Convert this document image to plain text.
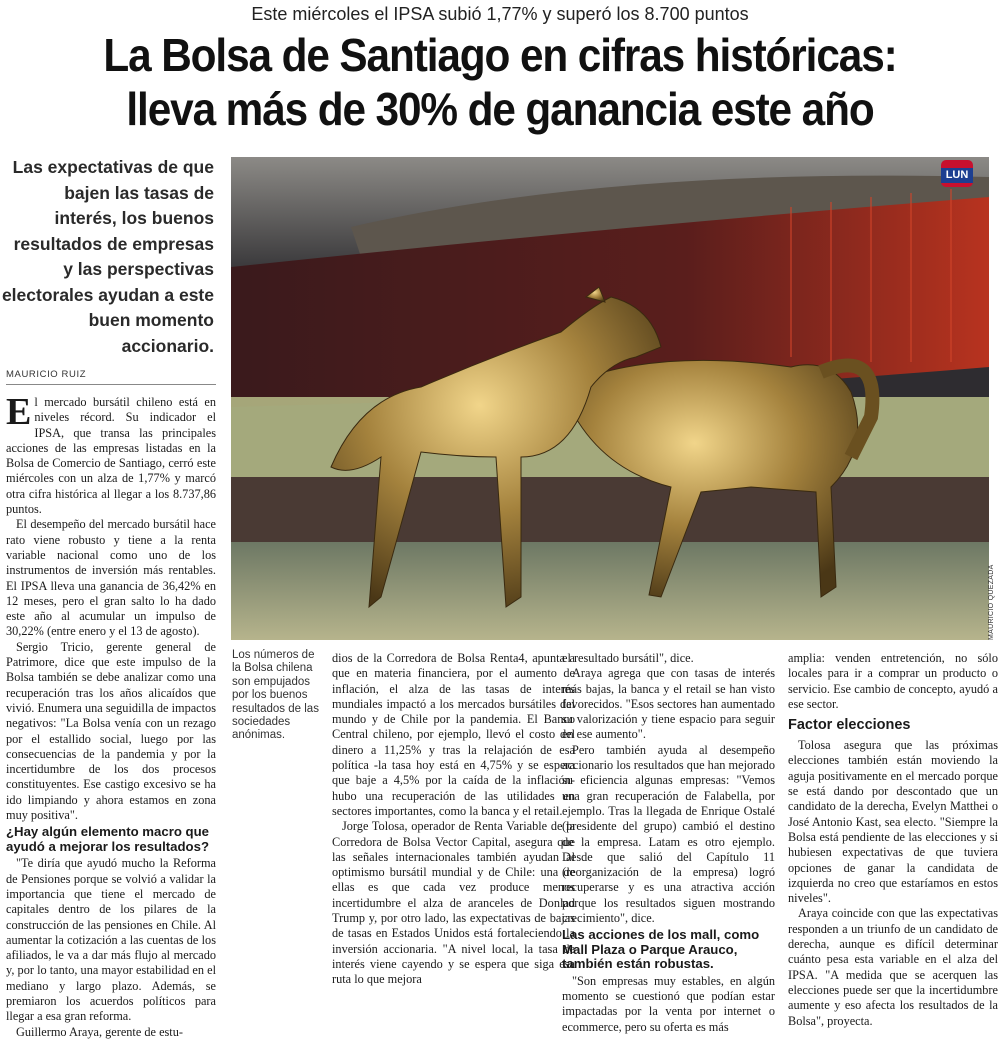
Este miércoles el IPSA subió 1,77% y superó los 8.700 puntos
La Bolsa de Santiago en cifras históricas:
lleva más de 30% de ganancia este año
Las expectativas de que bajen las tasas de interés, los buenos resultados de empresas y las perspectivas electorales ayudan a este buen momento accionario.
MAURICIO RUIZ
MAURICIO QUEZADA
LUN
Los números de la Bolsa chilena son empujados por los buenos resultados de las sociedades anónimas.

El mercado bursátil chileno está en niveles récord. Su indicador el IPSA, que transa las principales acciones de las empresas listadas en la Bolsa de Comercio de Santiago, cerró este miércoles con un alza de 1,77% y marcó otra cifra histórica al llegar a los 8.737,86 puntos.

El desempeño del mercado bursátil hace rato viene robusto y tiene a la renta variable nacional como uno de los instrumentos de inversión más rentables. El IPSA lleva una ganancia de 36,42% en 12 meses, pero el gran salto lo ha dado este año al acumular un impulso de 30,22% (entre enero y el 13 de agosto).

Sergio Tricio, gerente general de Patrimore, dice que este impulso de la Bolsa también se debe analizar como una recuperación tras los años alicaídos que vivió. Enumera una seguidilla de impactos negativos: "La Bolsa venía con un rezago por el estallido social, luego por las consecuencias de la pandemia y por la incertidumbre de los dos procesos constituyentes. Ese castigo excesivo se ha ido limpiando y ahora estamos en zona muy positiva".

¿Hay algún elemento macro que ayudó a mejorar los resultados?

"Te diría que ayudó mucho la Reforma de Pensiones porque se volvió a validar la importancia que tiene el mercado de capitales dentro de los pilares de la construcción de las pensiones en Chile. Al aumentar la cotización a las cuentas de los afiliados, le va a dar más flujo al mercado y, por lo tanto, una mayor estabilidad en el mediano y largo plazo. Además, se premiaron los acuerdos políticos para llegar a esa gran reforma.

Guillermo Araya, gerente de estu-

dios de la Corredora de Bolsa Renta4, apunta a que en materia financiera, por el aumento de inflación, el alza de las tasas de interés mundiales impactó a los mercados bursátiles del mundo y de Chile por la pandemia. El Banco Central chileno, por ejemplo, llevó el costo del dinero a 11,25% y tras la relajación de esa política -la tasa hoy está en 4,75% y se espera que baje a 4,5% por la caída de la inflación- hubo una recuperación de las utilidades en sectores importantes, como la banca y el retail.

Jorge Tolosa, operador de Renta Variable de la Corredora de Bolsa Vector Capital, asegura que las señales internacionales también ayudan al optimismo bursátil mundial y de Chile: una de ellas es que cada vez produce menos incertidumbre el alza de aranceles de Donlad Trump y, por otro lado, las expectativas de bajas de tasas en Estados Unidos está fortaleciendo la inversión accionaria. "A nivel local, la tasa de interés viene cayendo y se espera que siga esa ruta lo que mejora

el resultado bursátil", dice.

Araya agrega que con tasas de interés más bajas, la banca y el retail se han visto favorecidos. "Esos sectores han aumentado su valorización y tiene espacio para seguir en ese aumento".

Pero también ayuda al desempeño accionario los resultados que han mejorado su eficiencia algunas empresas: "Vemos una gran recuperación de Falabella, por ejemplo. Tras la llegada de Enrique Ostalé (presidente del grupo) cambió el destino de la empresa. Latam es otro ejemplo. Desde que salió del Capítulo 11 (reorganización de la empresa) logró recuperarse y es una atractiva acción porque los resultados siguen mostrando crecimiento", dice.

Las acciones de los mall, como Mall Plaza o Parque Arauco, también están robustas.

"Son empresas muy estables, en algún momento se cuestionó que podían estar impactadas por la venta por internet o ecommerce, pero su oferta es más

amplia: venden entretención, no sólo locales para ir a comprar un producto o servicio. Ese cambio de concepto, ayudó a ese sector.

Factor elecciones

Tolosa asegura que las próximas elecciones también están moviendo la aguja positivamente en el mercado porque se está dando por descontado que un candidato de la derecha, Evelyn Matthei o José Antonio Kast, sea electo. "Siempre la Bolsa está pendiente de las elecciones y si hubiesen expectativas de que tuviera opciones de ganar la candidata de izquierda no creo que estaríamos en estos niveles".

Araya coincide con que las expectativas responden a un triunfo de un candidato de derecha, aunque es difícil determinar cuánto pesa esta variable en el alza del IPSA. "A medida que se acerquen las elecciones puede ser que la incertidumbre aumente y eso afecta los resultados de la Bolsa", proyecta.
